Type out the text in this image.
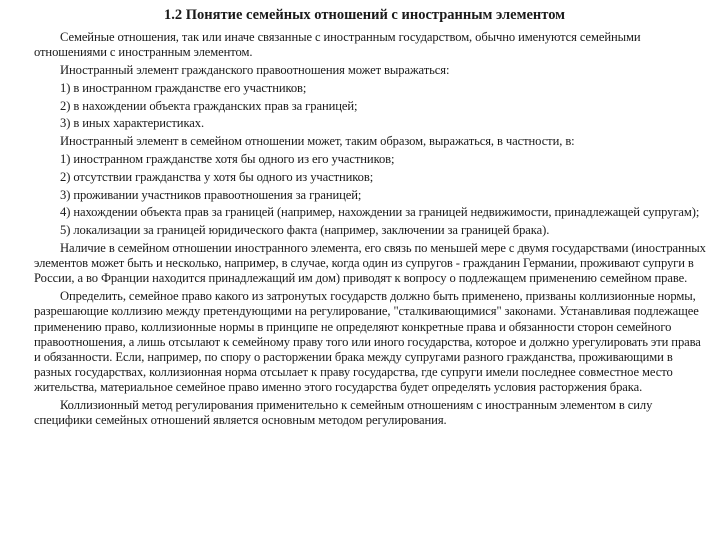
1.2 Понятие семейных отношений с иностранным элементом

Семейные отношения, так или иначе связанные с иностранным государством, обычно именуются семейными отношениями с иностранным элементом.

Иностранный элемент гражданского правоотношения может выражаться:

1) в иностранном гражданстве его участников;

2) в нахождении объекта гражданских прав за границей;

3) в иных характеристиках.

Иностранный элемент в семейном отношении может, таким образом, выражаться, в частности, в:

1) иностранном гражданстве хотя бы одного из его участников;

2) отсутствии гражданства у хотя бы одного из участников;

3) проживании участников правоотношения за границей;

4) нахождении объекта прав за границей (например, нахождении за границей недвижимости, принадлежащей супругам);

5) локализации за границей юридического факта (например, заключении за границей брака).

Наличие в семейном отношении иностранного элемента, его связь по меньшей мере с двумя государствами (иностранных элементов может быть и несколько, например, в случае, когда один из супругов - гражданин Германии, проживают супруги в России, а во Франции находится принадлежащий им дом) приводят к вопросу о подлежащем применению семейном праве.

Определить, семейное право какого из затронутых государств должно быть применено, призваны коллизионные нормы, разрешающие коллизию между претендующими на регулирование, "сталкивающимися" законами. Устанавливая подлежащее применению право, коллизионные нормы в принципе не определяют конкретные права и обязанности сторон семейного правоотношения, а лишь отсылают к семейному праву того или иного государства, которое и должно урегулировать эти права и обязанности. Если, например, по спору о расторжении брака между супругами разного гражданства, проживающими в разных государствах, коллизионная норма отсылает к праву государства, где супруги имели последнее совместное место жительства, материальное семейное право именно этого государства будет определять условия расторжения брака.

Коллизионный метод регулирования применительно к семейным отношениям с иностранным элементом в силу специфики семейных отношений является основным методом регулирования.
